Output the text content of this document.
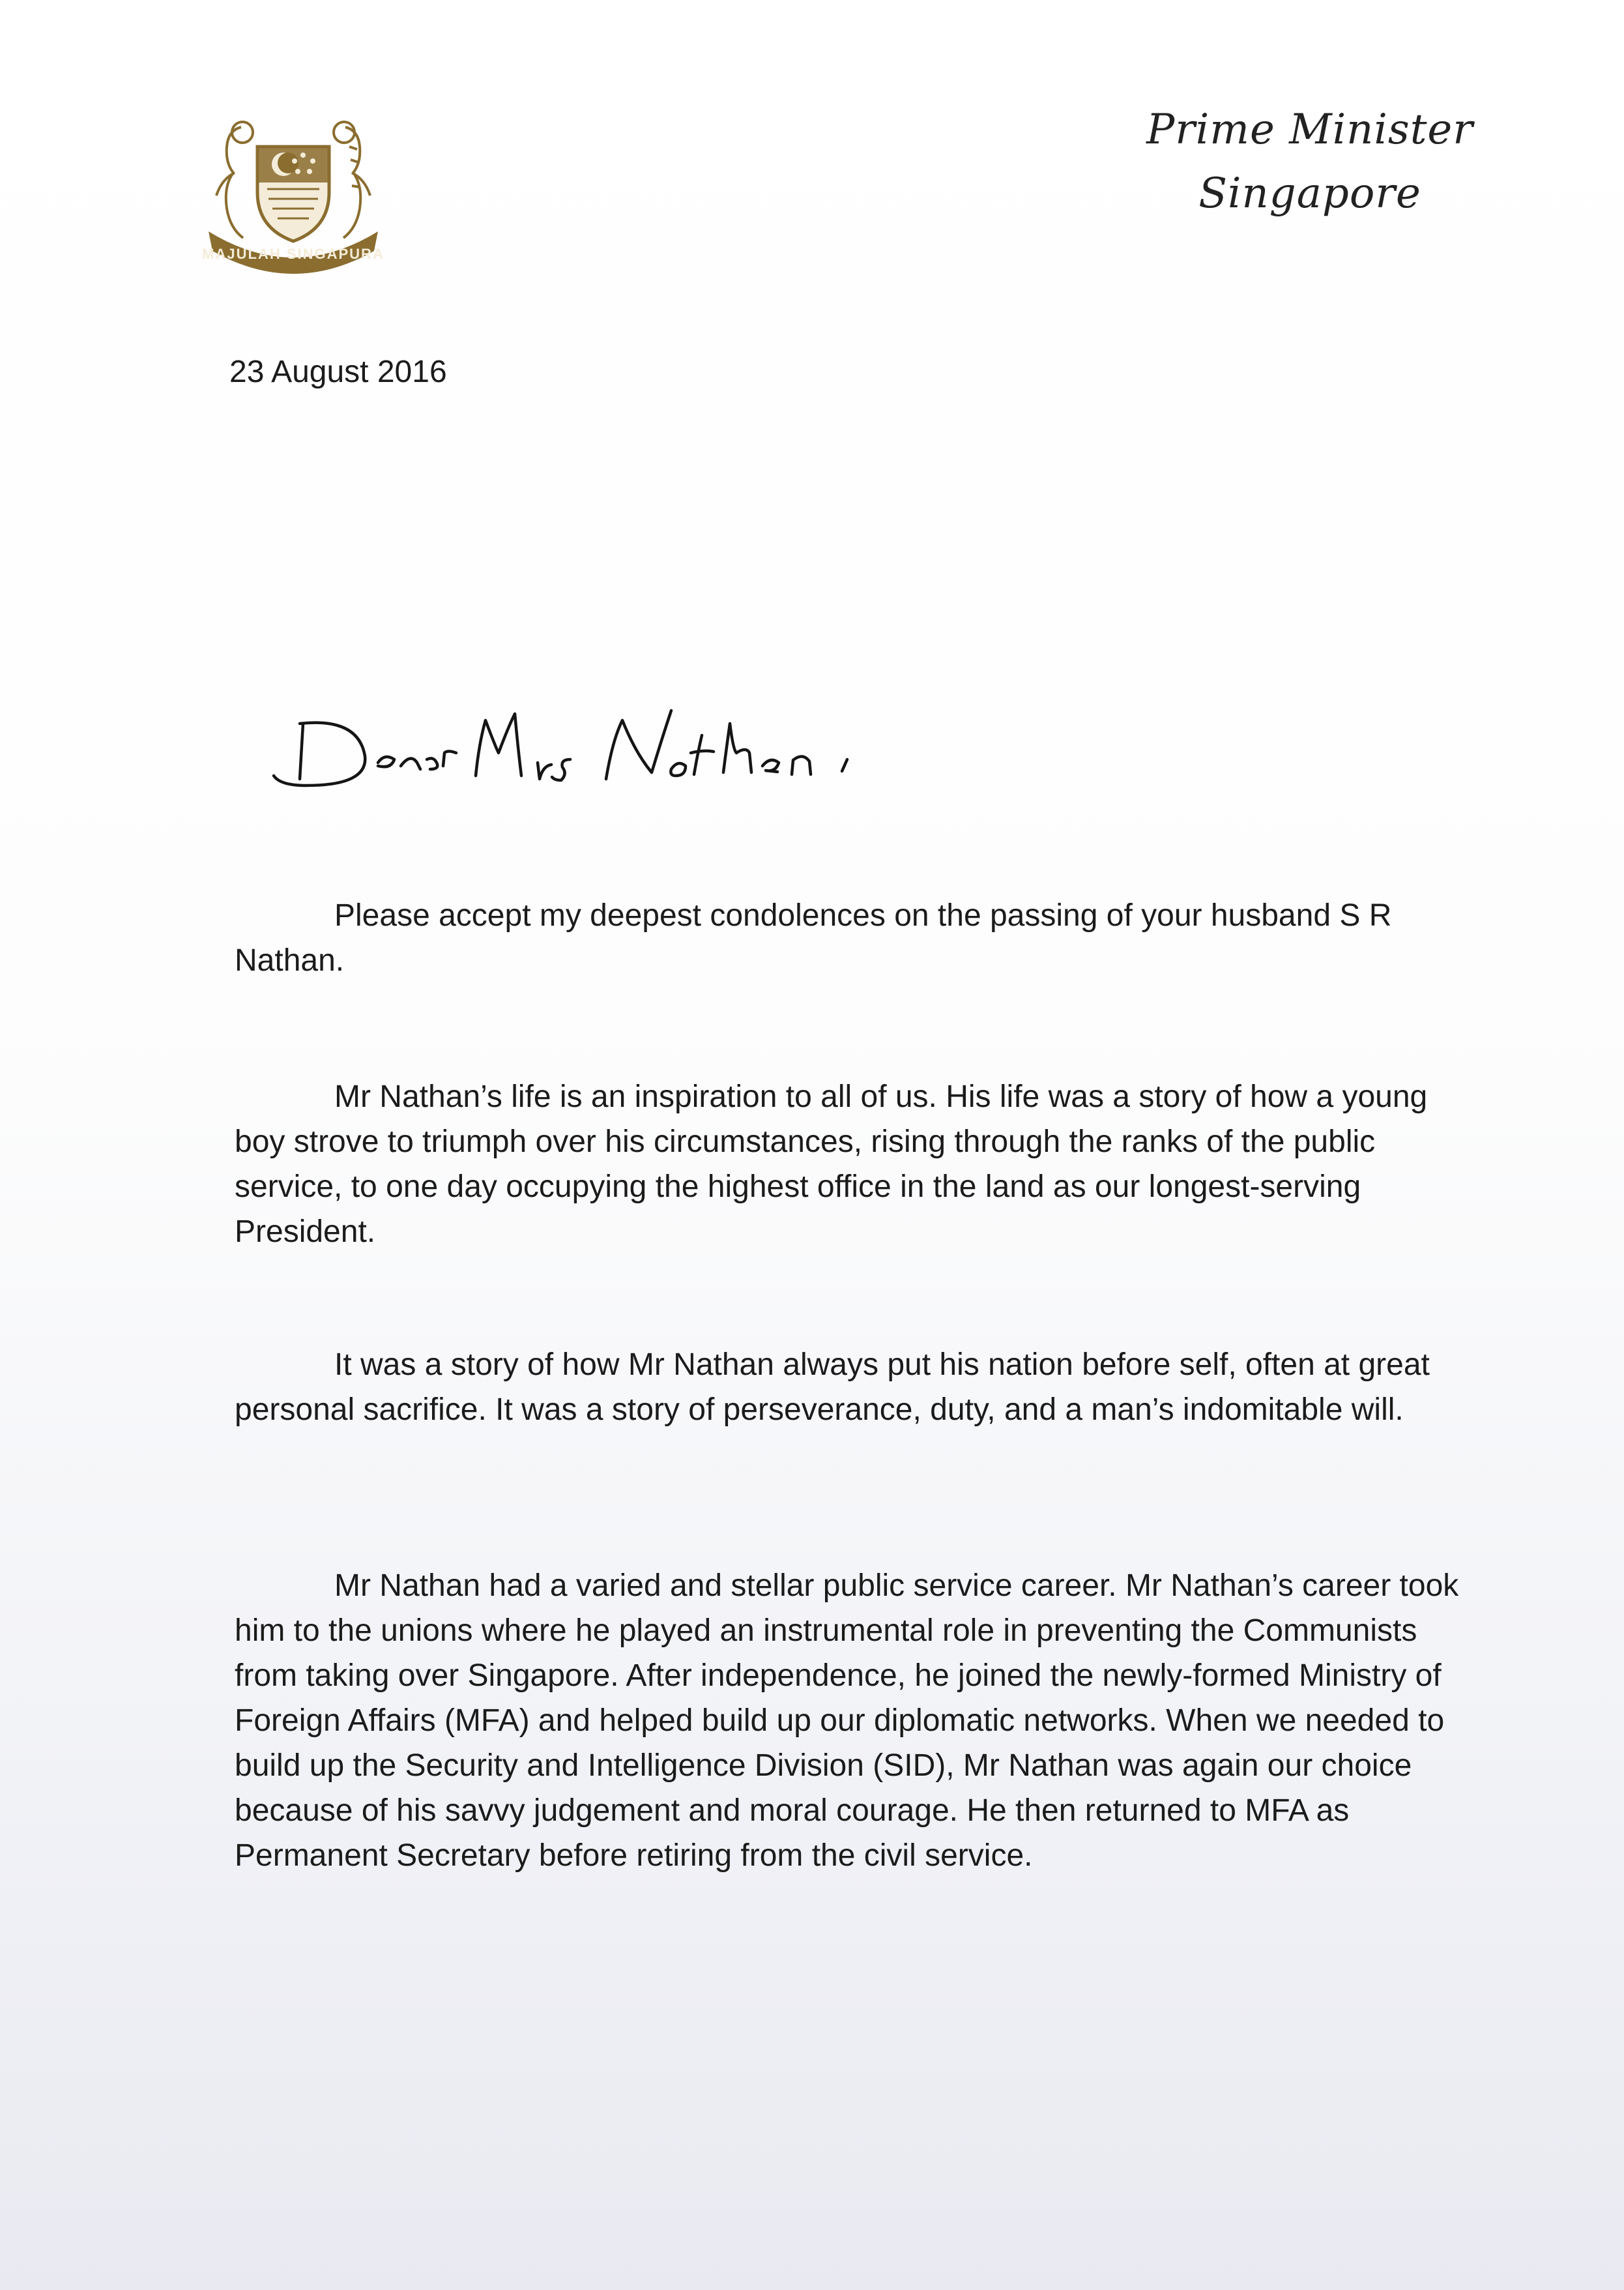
MAJULAH SINGAPURA
Prime Minister
Singapore
23 August 2016

Please accept my deepest condolences on the passing of your husband S R Nathan.

Mr Nathan’s life is an inspiration to all of us. His life was a story of how a young boy strove to triumph over his circumstances, rising through the ranks of the public service, to one day occupying the highest office in the land as our longest-serving President.

It was a story of how Mr Nathan always put his nation before self, often at great personal sacrifice. It was a story of perseverance, duty, and a man’s indomitable will.

Mr Nathan had a varied and stellar public service career. Mr Nathan’s career took him to the unions where he played an instrumental role in preventing the Communists from taking over Singapore. After independence, he joined the newly-formed Ministry of Foreign Affairs (MFA) and helped build up our diplomatic networks. When we needed to build up the Security and Intelligence Division (SID), Mr Nathan was again our choice because of his savvy judgement and moral courage. He then returned to MFA as Permanent Secretary before retiring from the civil service.
